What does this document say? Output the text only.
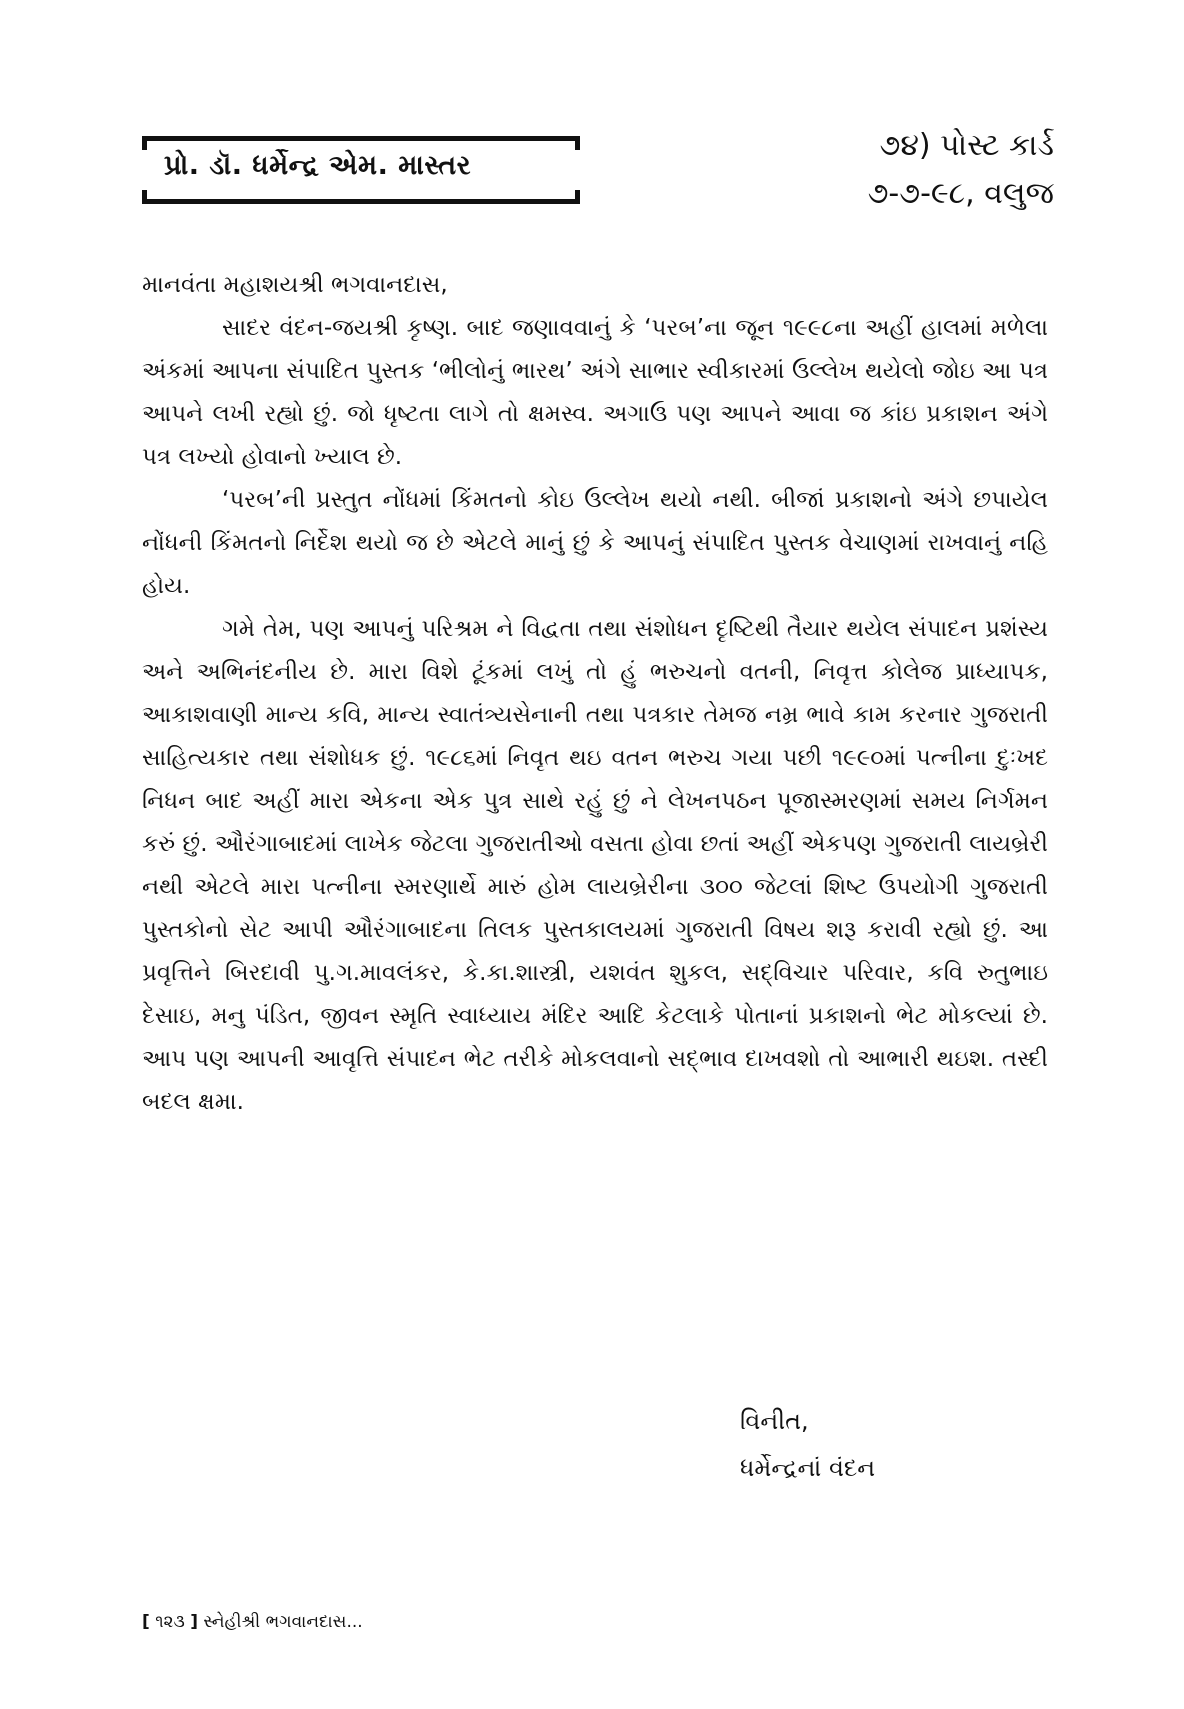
પ્રો. ડૉ. ધર્મેન્દ્ર એમ. માસ્તર
૭૪) પોસ્ટ કાર્ડ
૭-૭-૯૮, વલુજ

માનવંતા મહાશયશ્રી ભગવાનદાસ,

સાદર વંદન-જયશ્રી કૃષ્ણ. બાદ જણાવવાનું કે ‘પરબ’ના જૂન ૧૯૯૮ના અહીં હાલમાં મળેલા અંકમાં આપના સંપાદિત પુસ્તક ‘ભીલોનું ભારથ’ અંગે સાભાર સ્વીકારમાં ઉલ્લેખ થયેલો જોઇ આ પત્ર આપને લખી રહ્યો છું. જો ધૃષ્ટતા લાગે તો ક્ષમસ્વ. અગાઉ પણ આપને આવા જ કાંઇ પ્રકાશન અંગે પત્ર લખ્યો હોવાનો ખ્યાલ છે.

‘પરબ’ની પ્રસ્તુત નોંધમાં કિંમતનો કોઇ ઉલ્લેખ થયો નથી. બીજાં પ્રકાશનો અંગે છપાયેલ નોંધની કિંમતનો નિર્દેશ થયો જ છે એટલે માનું છું કે આપનું સંપાદિત પુસ્તક વેચાણમાં રાખવાનું નહિ હોય.

ગમે તેમ, પણ આપનું પરિશ્રમ ને વિદ્વતા તથા સંશોધન દૃષ્ટિથી તૈયાર થયેલ સંપાદન પ્રશંસ્ય અને અભિનંદનીય છે. મારા વિશે ટૂંકમાં લખું તો હું ભરુચનો વતની, નિવૃત્ત કોલેજ પ્રાધ્યાપક, આકાશવાણી માન્ય કવિ, માન્ય સ્વાતંત્ર્યસેનાની તથા પત્રકાર તેમજ નમ્ર ભાવે કામ કરનાર ગુજરાતી સાહિત્યકાર તથા સંશોધક છું. ૧૯૮૬માં નિવૃત થઇ વતન ભરુચ ગયા પછી ૧૯૯૦માં પત્નીના દુઃખદ નિધન બાદ અહીં મારા એકના એક પુત્ર સાથે રહું છું ને લેખનપઠન પૂજાસ્મરણમાં સમય નિર્ગમન કરું છું. ઔરંગાબાદમાં લાખેક જેટલા ગુજરાતીઓ વસતા હોવા છતાં અહીં એકપણ ગુજરાતી લાયબ્રેરી નથી એટલે મારા પત્નીના સ્મરણાર્થે મારું હોમ લાયબ્રેરીના ૩૦૦ જેટલાં શિષ્ટ ઉપયોગી ગુજરાતી પુસ્તકોનો સેટ આપી ઔરંગાબાદના તિલક પુસ્તકાલયમાં ગુજરાતી વિષય શરૂ કરાવી રહ્યો છું. આ પ્રવૃત્તિને બિરદાવી પુ.ગ.માવલંકર, કે.કા.શાસ્ત્રી, યશવંત શુકલ, સદ્‌વિચાર પરિવાર, કવિ રુતુભાઇ દેસાઇ, મનુ પંડિત, જીવન સ્મૃતિ સ્વાધ્યાય મંદિર આદિ કેટલાકે પોતાનાં પ્રકાશનો ભેટ મોકલ્યાં છે. આપ પણ આપની આવૃત્તિ સંપાદન ભેટ તરીકે મોકલવાનો સદ્‌ભાવ દાખવશો તો આભારી થઇશ. તસ્દી બદલ ક્ષમા.

વિનીત,
ધર્મેન્દ્રનાં વંદન
[ ૧૨૩ ] સ્નેહીશ્રી ભગવાનદાસ...
